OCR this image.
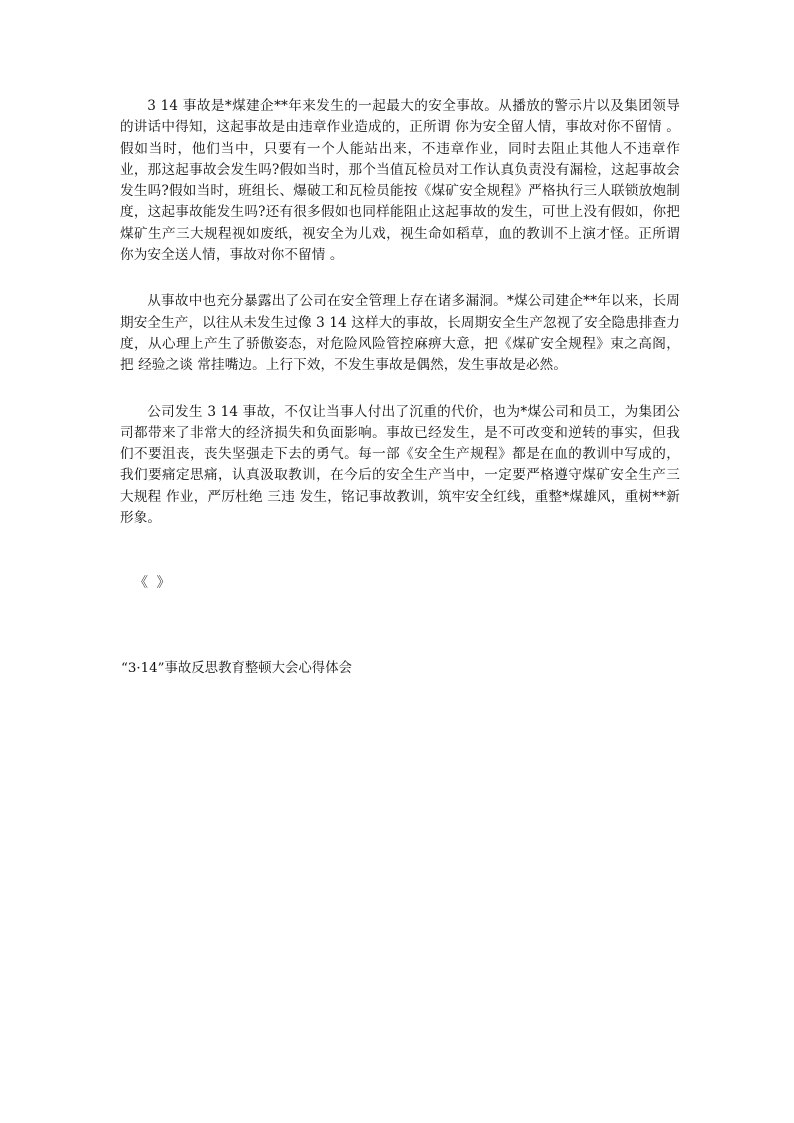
3 14 事故是*煤建企**年来发生的一起最大的安全事故。从播放的警示片以及集团领导的讲话中得知，这起事故是由违章作业造成的，正所谓 你为安全留人情，事故对你不留情 。假如当时，他们当中，只要有一个人能站出来，不违章作业，同时去阻止其他人不违章作业，那这起事故会发生吗?假如当时，那个当值瓦检员对工作认真负责没有漏检，这起事故会发生吗?假如当时，班组长、爆破工和瓦检员能按《煤矿安全规程》严格执行三人联锁放炮制度，这起事故能发生吗?还有很多假如也同样能阻止这起事故的发生，可世上没有假如，你把煤矿生产三大规程视如废纸，视安全为儿戏，视生命如稻草，血的教训不上演才怪。正所谓 你为安全送人情，事故对你不留情 。

从事故中也充分暴露出了公司在安全管理上存在诸多漏洞。*煤公司建企**年以来，长周期安全生产，以往从未发生过像 3 14 这样大的事故，长周期安全生产忽视了安全隐患排查力度，从心理上产生了骄傲姿态，对危险风险管控麻痹大意，把《煤矿安全规程》束之高阁，把 经验之谈 常挂嘴边。上行下效，不发生事故是偶然，发生事故是必然。

公司发生 3 14 事故，不仅让当事人付出了沉重的代价，也为*煤公司和员工，为集团公司都带来了非常大的经济损失和负面影响。事故已经发生，是不可改变和逆转的事实，但我们不要沮丧，丧失坚强走下去的勇气。每一部《安全生产规程》都是在血的教训中写成的，我们要痛定思痛，认真汲取教训，在今后的安全生产当中，一定要严格遵守煤矿安全生产三大规程 作业，严厉杜绝 三违 发生，铭记事故教训，筑牢安全红线，重整*煤雄风，重树**新形象。

《 》
“3·14”事故反思教育整顿大会心得体会
